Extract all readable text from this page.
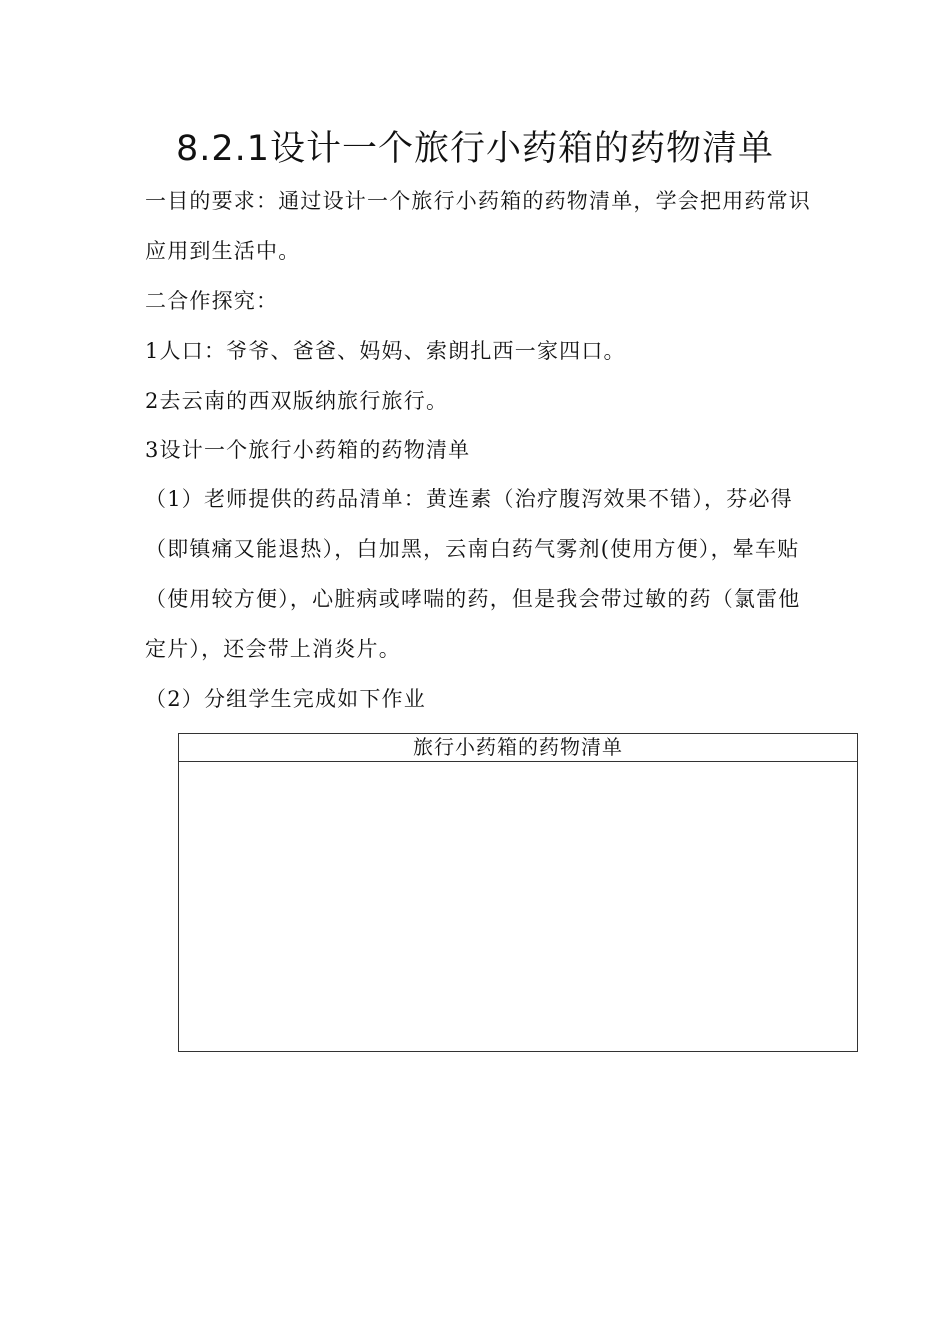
8.2.1设计一个旅行小药箱的药物清单

一目的要求：通过设计一个旅行小药箱的药物清单，学会把用药常识应用到生活中。

二合作探究：

1人口：爷爷、爸爸、妈妈、索朗扎西一家四口。

2去云南的西双版纳旅行旅行。

3设计一个旅行小药箱的药物清单

（1）老师提供的药品清单：黄连素（治疗腹泻效果不错），芬必得（即镇痛又能退热），白加黑，云南白药气雾剂(使用方便），晕车贴（使用较方便），心脏病或哮喘的药，但是我会带过敏的药（氯雷他定片），还会带上消炎片。

（2）分组学生完成如下作业

旅行小药箱的药物清单
